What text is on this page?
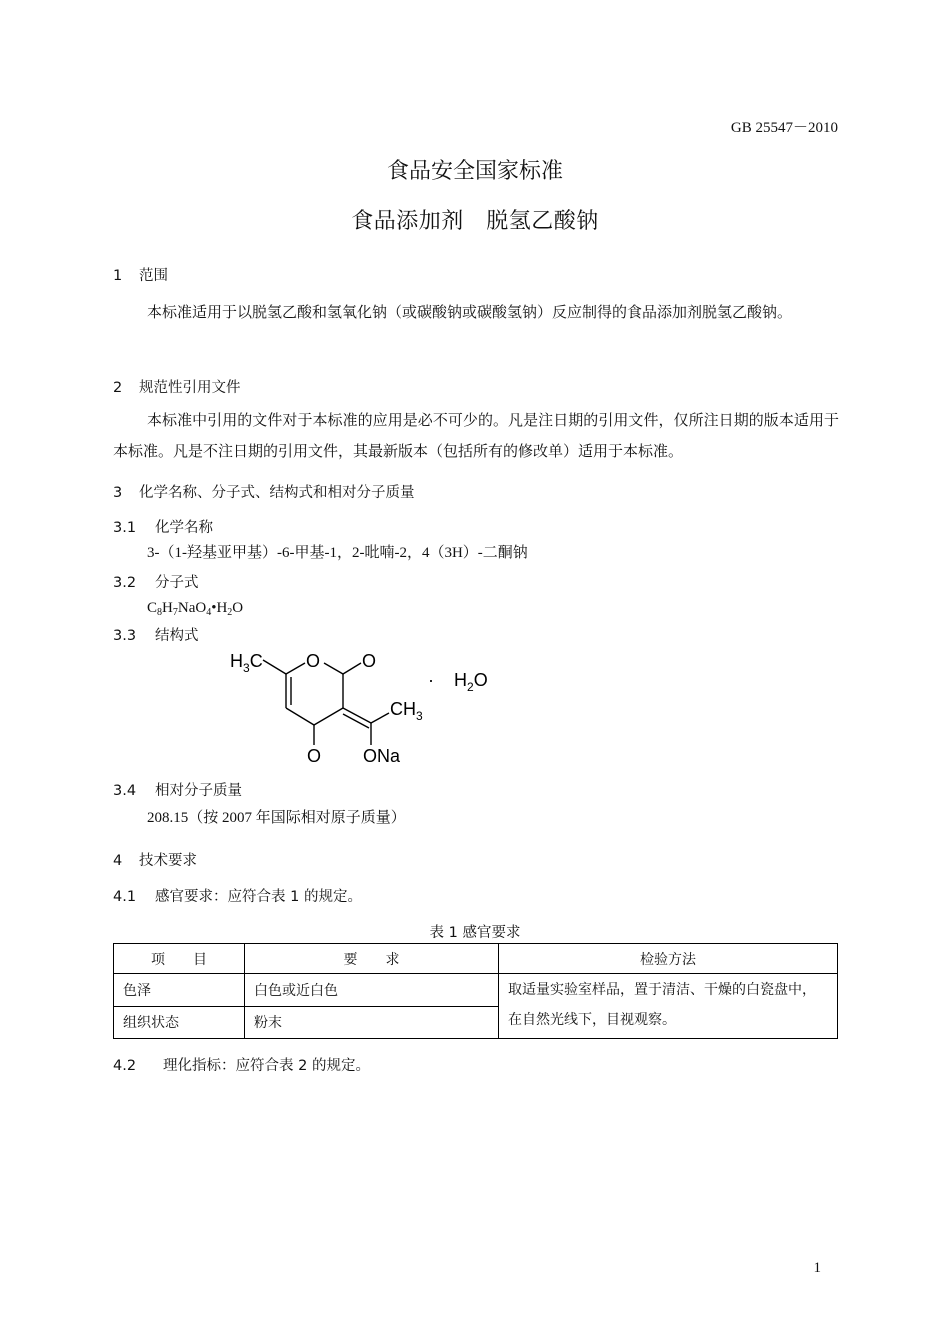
GB 25547－2010
食品安全国家标准
食品添加剂　脱氢乙酸钠
1 范围
本标准适用于以脱氢乙酸和氢氧化钠（或碳酸钠或碳酸氢钠）反应制得的食品添加剂脱氢乙酸钠。
2 规范性引用文件
本标准中引用的文件对于本标准的应用是必不可少的。凡是注日期的引用文件，仅所注日期的版本适用于本标准。凡是不注日期的引用文件，其最新版本（包括所有的修改单）适用于本标准。
3 化学名称、分子式、结构式和相对分子质量
3.1 化学名称
3-（1-羟基亚甲基）-6-甲基-1，2-吡喃-2，4（3H）-二酮钠
3.2 分子式
$C_8H_7NaO_4•H_2O$
3.3 结构式
$H_3C$ O O
$CH_3$
O ONa
· $H_2O$
3.4 相对分子质量
208.15（按 2007 年国际相对原子质量）
4 技术要求
4.1 感官要求：应符合表 1 的规定。
表 1 感官要求
项　　目	要　　求	检验方法
色泽	白色或近白色	取适量实验室样品，置于清洁、干燥的白瓷盘中，在自然光线下，目视观察。
组织状态	粉末	
4.2 理化指标：应符合表 2 的规定。
1
